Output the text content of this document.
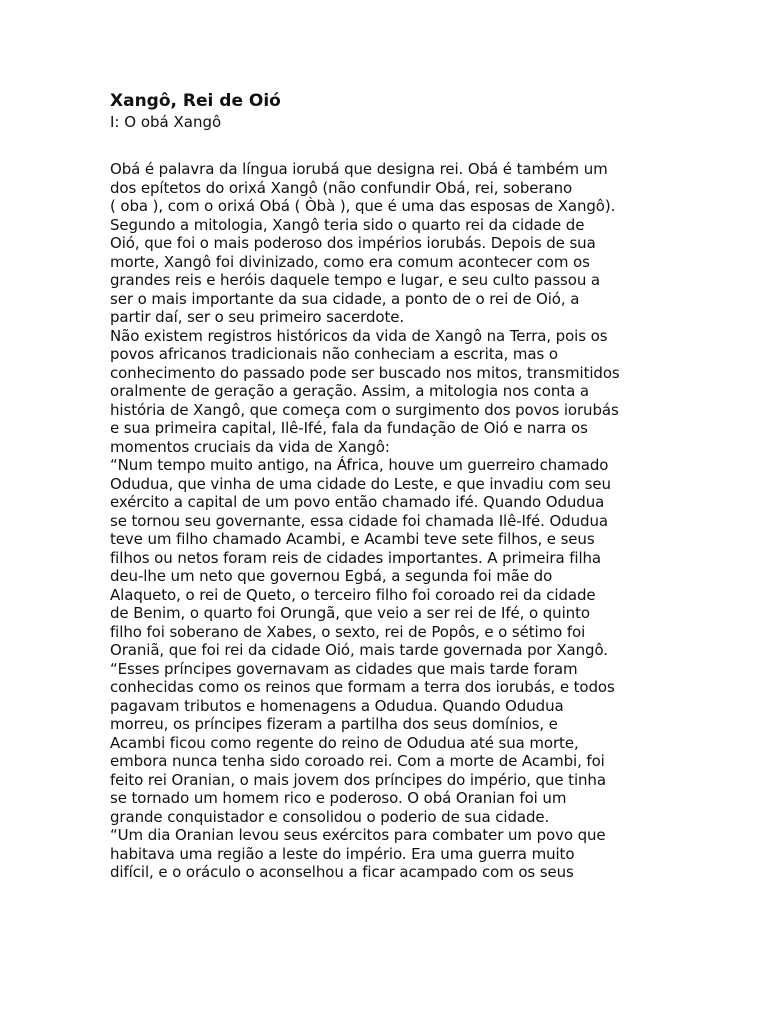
Xangô, Rei de Oió
I: O obá Xangô
Obá é palavra da língua iorubá que designa rei. Obá é também um
dos epítetos do orixá Xangô (não confundir Obá, rei, soberano
( oba ), com o orixá Obá ( Òbà ), que é uma das esposas de Xangô).
Segundo a mitologia, Xangô teria sido o quarto rei da cidade de
Oió, que foi o mais poderoso dos impérios iorubás. Depois de sua
morte, Xangô foi divinizado, como era comum acontecer com os
grandes reis e heróis daquele tempo e lugar, e seu culto passou a
ser o mais importante da sua cidade, a ponto de o rei de Oió, a
partir daí, ser o seu primeiro sacerdote.
Não existem registros históricos da vida de Xangô na Terra, pois os
povos africanos tradicionais não conheciam a escrita, mas o
conhecimento do passado pode ser buscado nos mitos, transmitidos
oralmente de geração a geração. Assim, a mitologia nos conta a
história de Xangô, que começa com o surgimento dos povos iorubás
e sua primeira capital, Ilê-Ifé, fala da fundação de Oió e narra os
momentos cruciais da vida de Xangô:
“Num tempo muito antigo, na África, houve um guerreiro chamado
Odudua, que vinha de uma cidade do Leste, e que invadiu com seu
exército a capital de um povo então chamado ifé. Quando Odudua
se tornou seu governante, essa cidade foi chamada Ilê-Ifé. Odudua
teve um filho chamado Acambi, e Acambi teve sete filhos, e seus
filhos ou netos foram reis de cidades importantes. A primeira filha
deu-lhe um neto que governou Egbá, a segunda foi mãe do
Alaqueto, o rei de Queto, o terceiro filho foi coroado rei da cidade
de Benim, o quarto foi Orungã, que veio a ser rei de Ifé, o quinto
filho foi soberano de Xabes, o sexto, rei de Popôs, e o sétimo foi
Oraniã, que foi rei da cidade Oió, mais tarde governada por Xangô.
“Esses príncipes governavam as cidades que mais tarde foram
conhecidas como os reinos que formam a terra dos iorubás, e todos
pagavam tributos e homenagens a Odudua. Quando Odudua
morreu, os príncipes fizeram a partilha dos seus domínios, e
Acambi ficou como regente do reino de Odudua até sua morte,
embora nunca tenha sido coroado rei. Com a morte de Acambi, foi
feito rei Oranian, o mais jovem dos príncipes do império, que tinha
se tornado um homem rico e poderoso. O obá Oranian foi um
grande conquistador e consolidou o poderio de sua cidade.
“Um dia Oranian levou seus exércitos para combater um povo que
habitava uma região a leste do império. Era uma guerra muito
difícil, e o oráculo o aconselhou a ficar acampado com os seus
